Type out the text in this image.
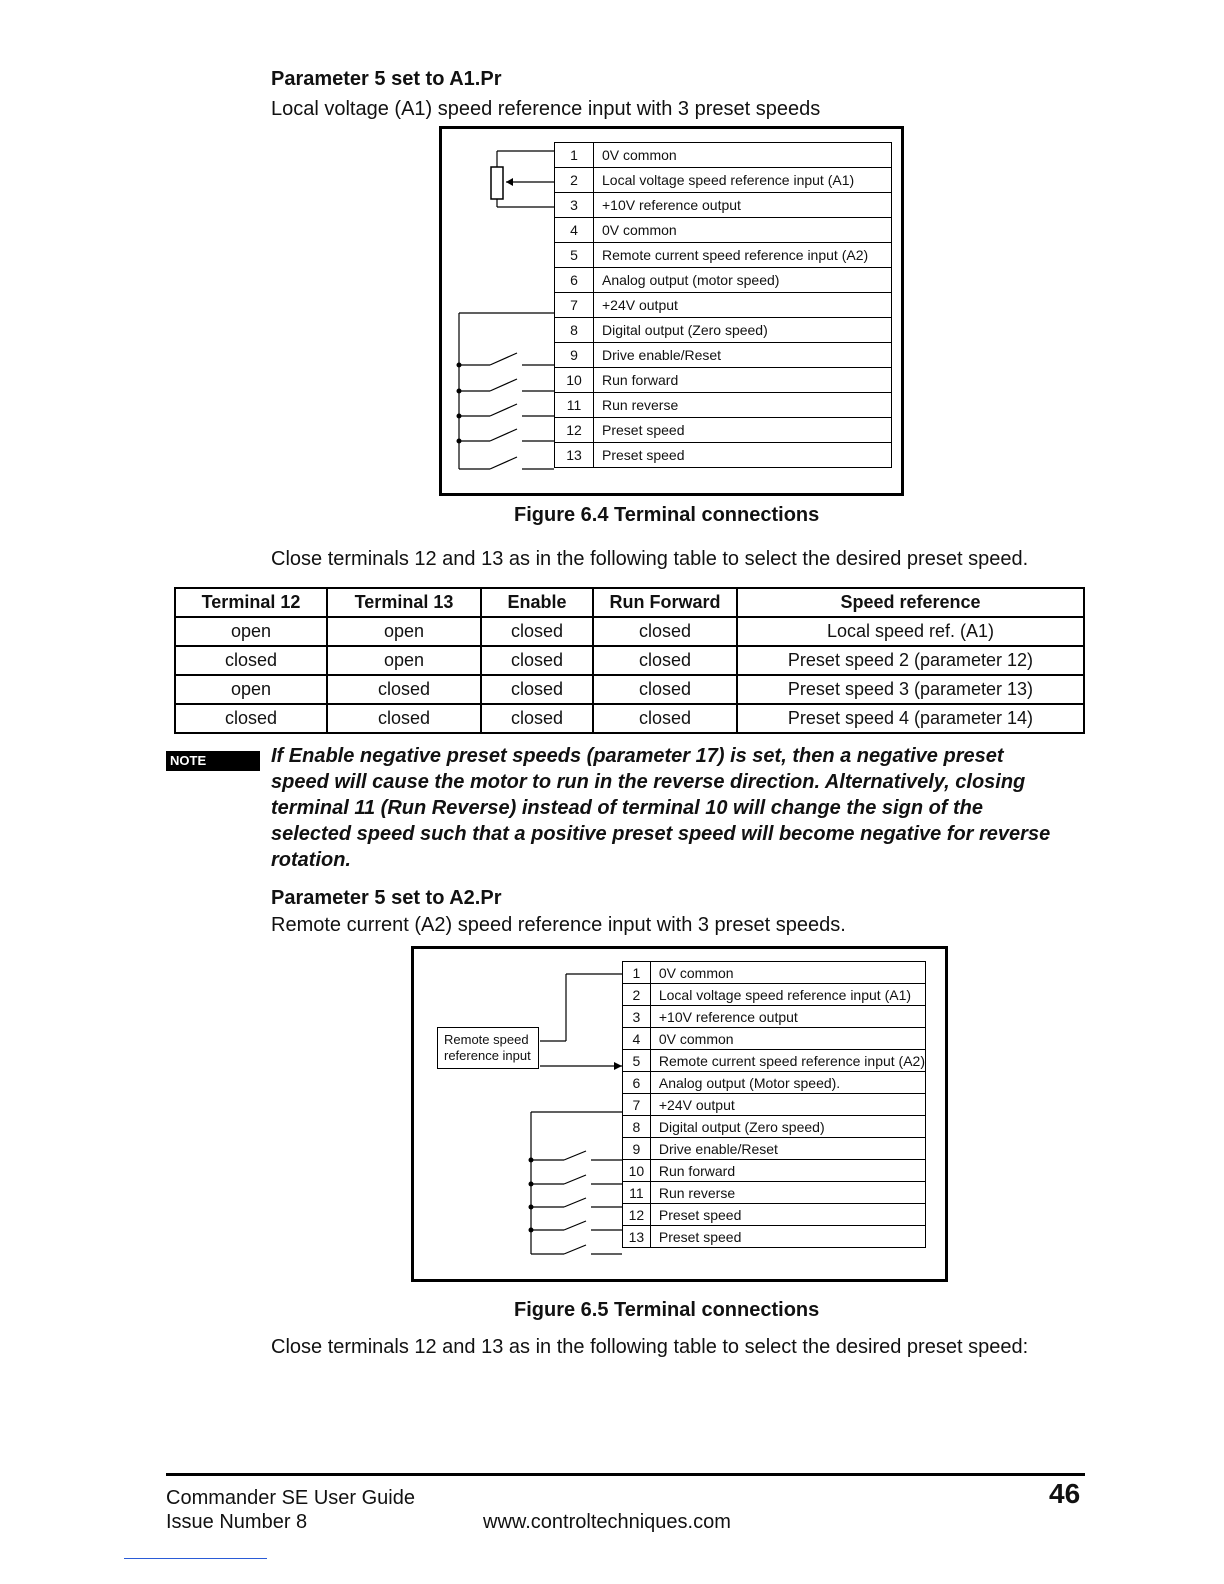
Parameter 5 set to A1.Pr
Local voltage (A1) speed reference input with 3 preset speeds
1	0V common
2	Local voltage speed reference input (A1)
3	+10V reference output
4	0V common
5	Remote current speed reference input (A2)
6	Analog output (motor speed)
7	+24V output
8	Digital output (Zero speed)
9	Drive enable/Reset
10	Run forward
11	Run reverse
12	Preset speed
13	Preset speed
Figure 6.4 Terminal connections
Close terminals 12 and 13 as in the following table to select the desired preset speed.
Terminal 12	Terminal 13	Enable	Run Forward	Speed reference
open	open	closed	closed	Local speed ref. (A1)
closed	open	closed	closed	Preset speed 2 (parameter 12)
open	closed	closed	closed	Preset speed 3 (parameter 13)
closed	closed	closed	closed	Preset speed 4 (parameter 14)
NOTE	If Enable negative preset speeds (parameter 17) is set, then a negative preset
speed will cause the motor to run in the reverse direction. Alternatively, closing
terminal 11 (Run Reverse) instead of terminal 10 will change the sign of the
selected speed such that a positive preset speed will become negative for reverse
rotation.
Parameter 5 set to A2.Pr
Remote current (A2) speed reference input with 3 preset speeds.
Remote speed
reference input
1	0V common
2	Local voltage speed reference input (A1)
3	+10V reference output
4	0V common
5	Remote current speed reference input (A2)
6	Analog output (Motor speed).
7	+24V output
8	Digital output (Zero speed)
9	Drive enable/Reset
10	Run forward
11	Run reverse
12	Preset speed
13	Preset speed
Figure 6.5 Terminal connections
Close terminals 12 and 13 as in the following table to select the desired preset speed:
Commander SE User Guide
Issue Number 8	www.controltechniques.com
46
